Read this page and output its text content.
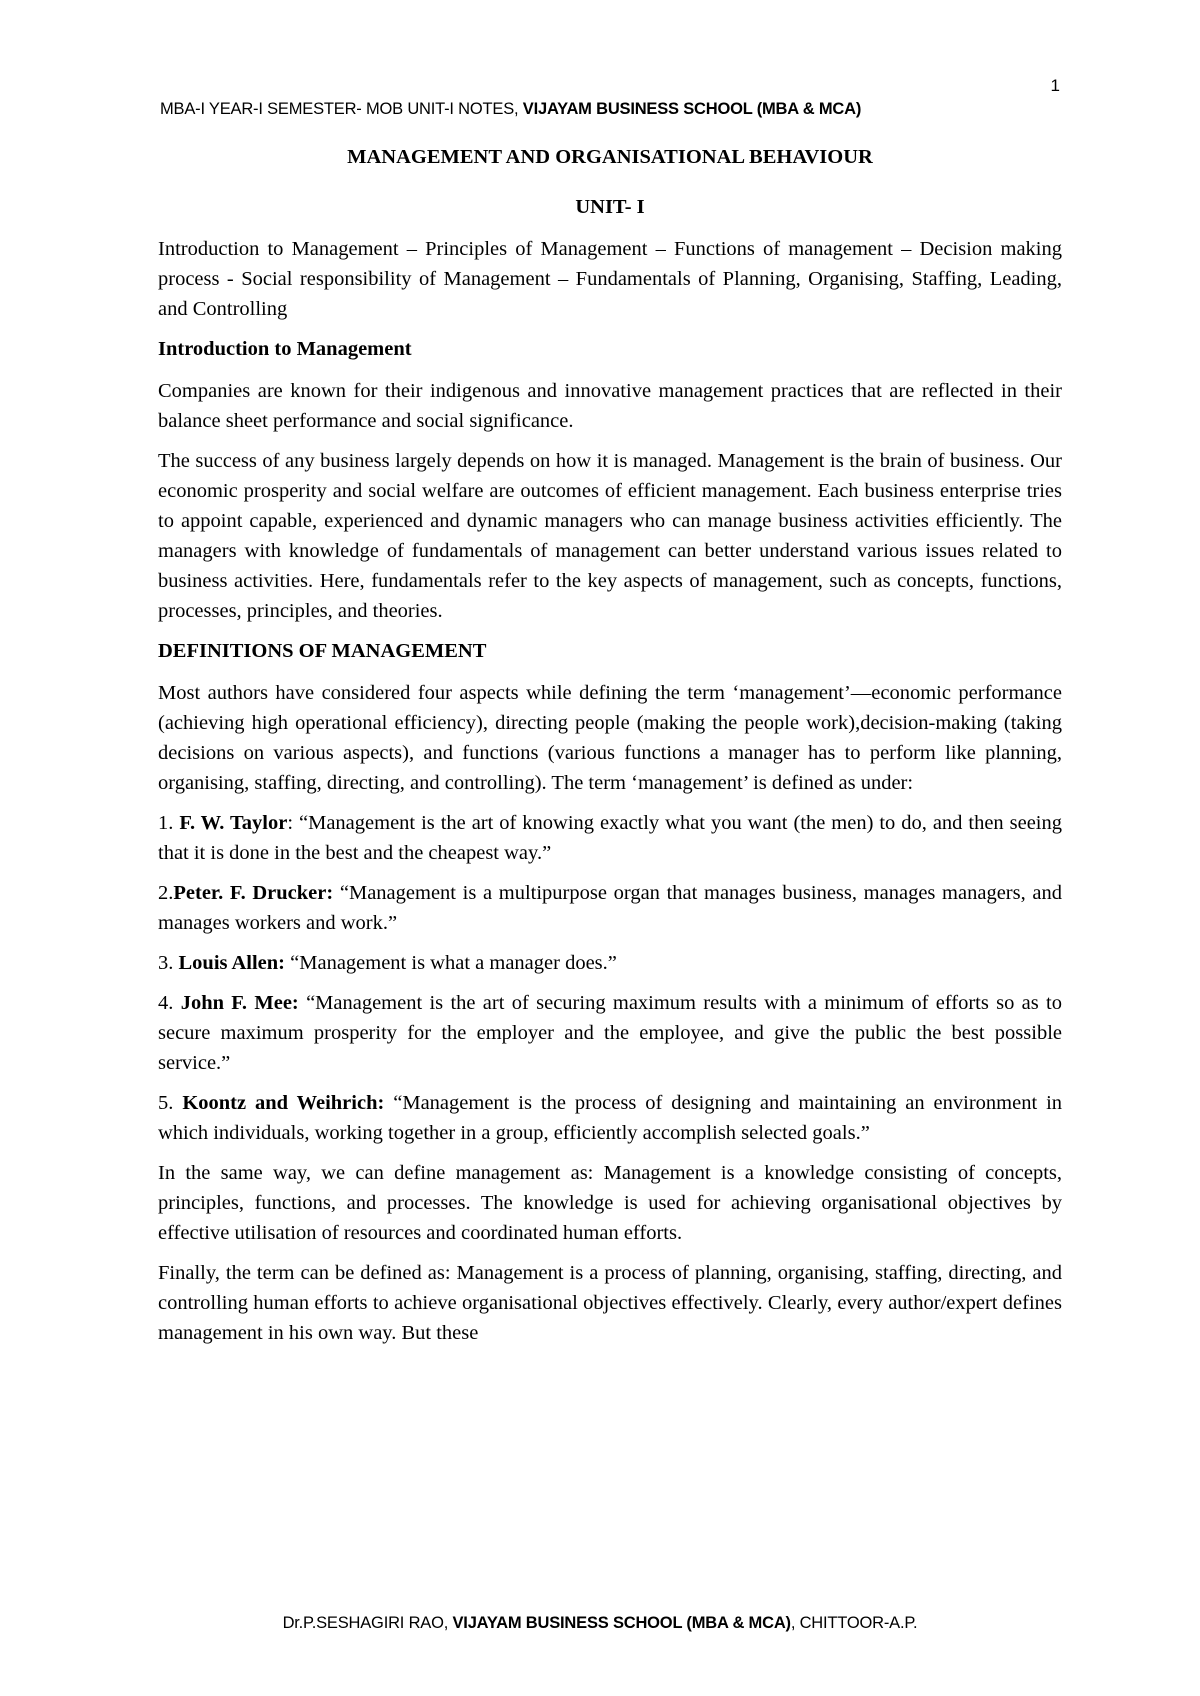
1
MBA-I YEAR-I SEMESTER- MOB UNIT-I NOTES, VIJAYAM BUSINESS SCHOOL (MBA & MCA)
MANAGEMENT AND ORGANISATIONAL BEHAVIOUR
UNIT- I

Introduction to Management – Principles of Management – Functions of management – Decision making process - Social responsibility of Management – Fundamentals of Planning, Organising, Staffing, Leading, and Controlling

Introduction to Management

Companies are known for their indigenous and innovative management practices that are reflected in their balance sheet performance and social significance.

The success of any business largely depends on how it is managed. Management is the brain of business. Our economic prosperity and social welfare are outcomes of efficient management. Each business enterprise tries to appoint capable, experienced and dynamic managers who can manage business activities efficiently. The managers with knowledge of fundamentals of management can better understand various issues related to business activities. Here, fundamentals refer to the key aspects of management, such as concepts, functions, processes, principles, and theories.

DEFINITIONS OF MANAGEMENT

Most authors have considered four aspects while defining the term ‘management’—economic performance (achieving high operational efficiency), directing people (making the people work),decision-making (taking decisions on various aspects), and functions (various functions a manager has to perform like planning, organising, staffing, directing, and controlling). The term ‘management’ is defined as under:

1. F. W. Taylor: “Management is the art of knowing exactly what you want (the men) to do, and then seeing that it is done in the best and the cheapest way.”

2.Peter. F. Drucker: “Management is a multipurpose organ that manages business, manages managers, and manages workers and work.”

3. Louis Allen: “Management is what a manager does.”

4. John F. Mee: “Management is the art of securing maximum results with a minimum of efforts so as to secure maximum prosperity for the employer and the employee, and give the public the best possible service.”

5. Koontz and Weihrich: “Management is the process of designing and maintaining an environment in which individuals, working together in a group, efficiently accomplish selected goals.”

In the same way, we can define management as: Management is a knowledge consisting of concepts, principles, functions, and processes. The knowledge is used for achieving organisational objectives by effective utilisation of resources and coordinated human efforts.

Finally, the term can be defined as: Management is a process of planning, organising, staffing, directing, and controlling human efforts to achieve organisational objectives effectively. Clearly, every author/expert defines management in his own way. But these

Dr.P.SESHAGIRI RAO, VIJAYAM BUSINESS SCHOOL (MBA & MCA), CHITTOOR-A.P.
